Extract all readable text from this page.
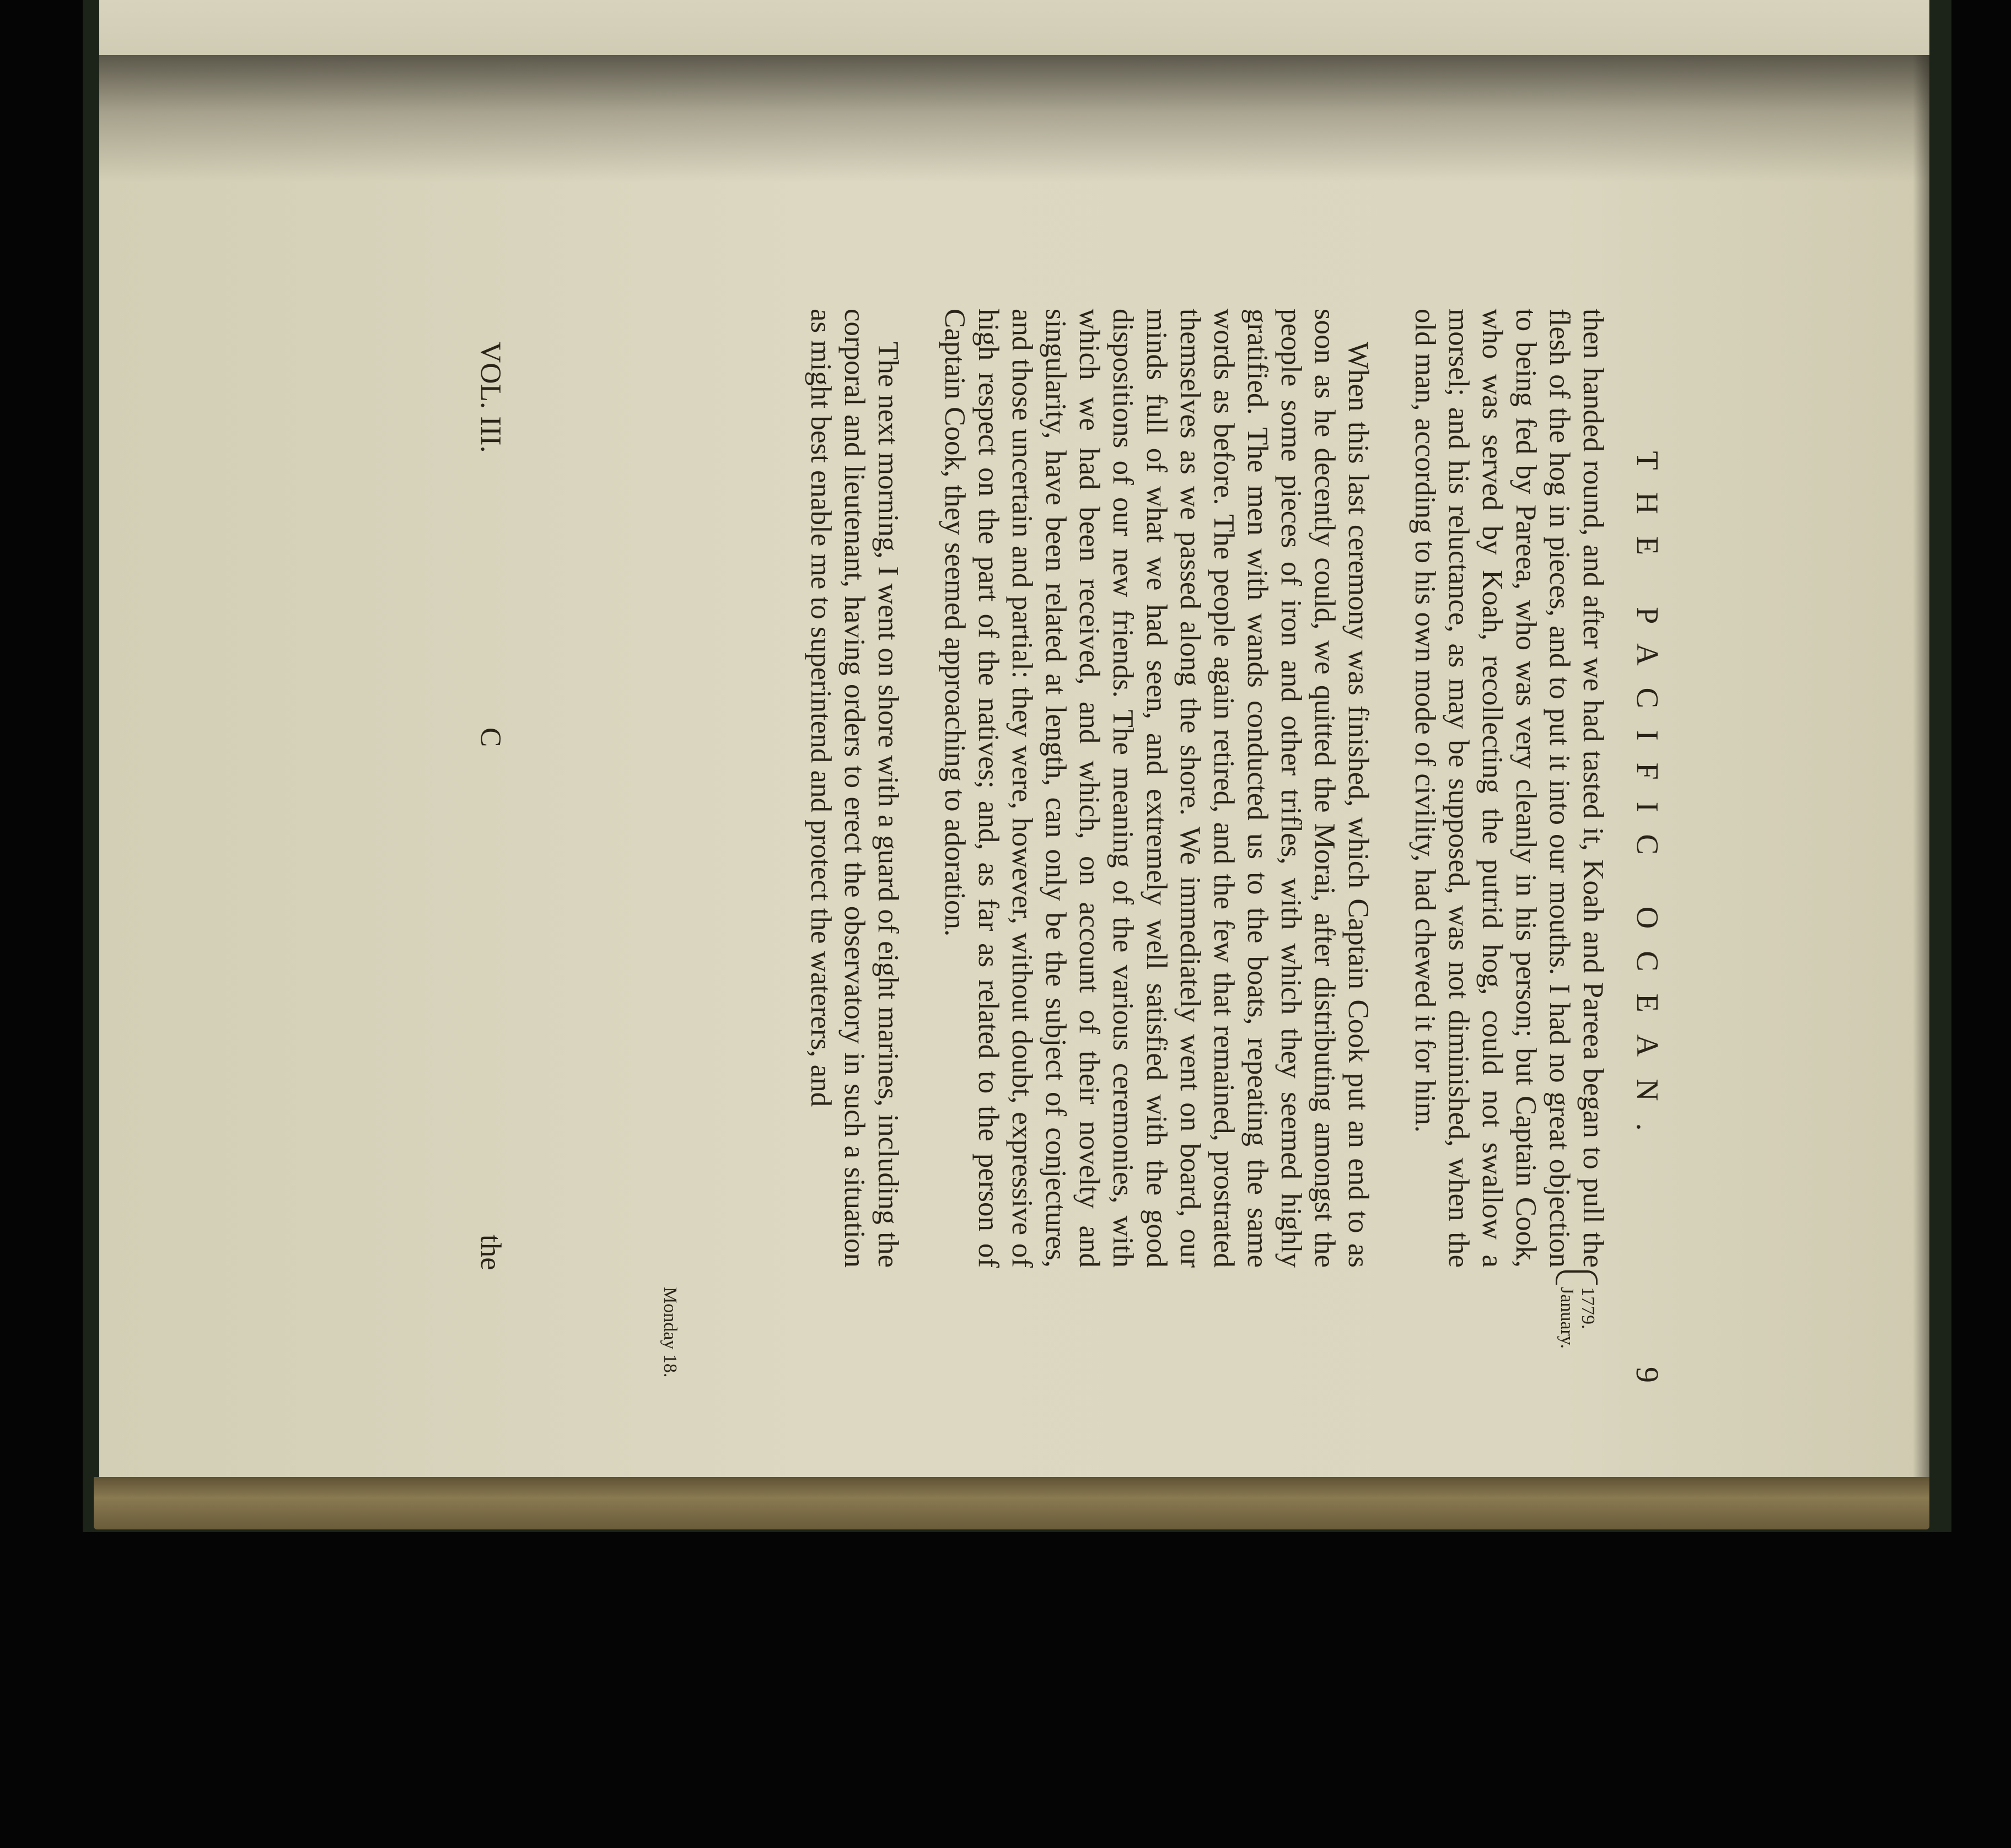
THE PACIFIC OCEAN.
9

then handed round, and after we had tasted it, Koah and Pareea began to pull the flesh of the hog in pieces, and to put it into our mouths. I had no great objection to being fed by Pareea, who was very cleanly in his person; but Captain Cook, who was served by Koah, recollecting the putrid hog, could not swallow a morsel; and his reluctance, as may be supposed, was not diminished, when the old man, according to his own mode of civility, had chewed it for him.

When this last ceremony was finished, which Captain Cook put an end to as soon as he decently could, we quitted the Morai, after distributing amongst the people some pieces of iron and other trifles, with which they seemed highly gratified. The men with wands conducted us to the boats, repeating the same words as before. The people again retired, and the few that remained, prostrated themselves as we passed along the shore. We immediately went on board, our minds full of what we had seen, and extremely well satisfied with the good dispositions of our new friends. The meaning of the various ceremonies, with which we had been received, and which, on account of their novelty and singularity, have been related at length, can only be the subject of conjectures, and those uncertain and partial: they were, however, without doubt, expressive of high respect on the part of the natives; and, as far as related to the person of Captain Cook, they seemed approaching to adoration.

The next morning, I went on shore with a guard of eight marines, including the corporal and lieutenant, having orders to erect the observatory in such a situation as might best enable me to superintend and protect the waterers, and

1779.
January.
Monday 18.
VOL. III.
C
the
